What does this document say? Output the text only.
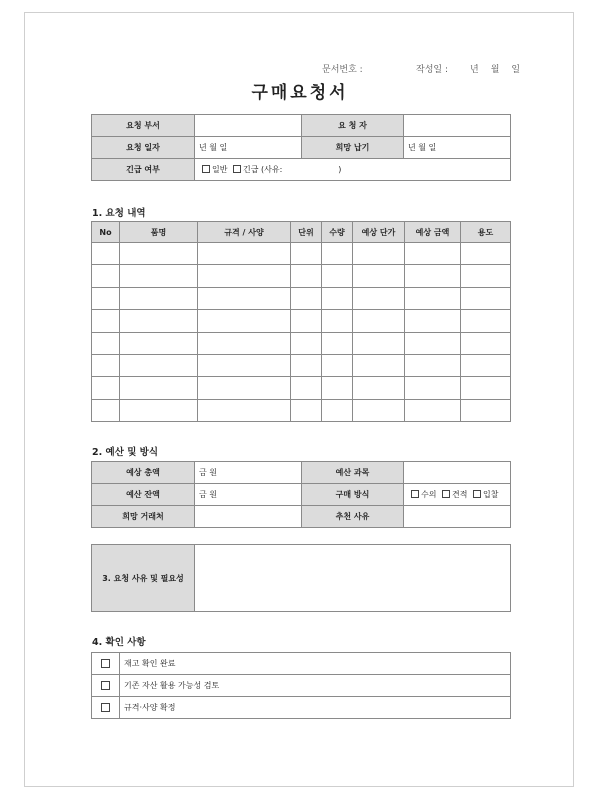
문서번호 :	작성일 : 년 월 일
구매요청서
요청 부서		요 청 자	
요청 일자	년 월 일	희망 납기	년 월 일
긴급 여부	일반 긴급 (사유: )		
1. 요청 내역
No	품명	규격 / 사양	단위	수량	예상 단가	예상 금액	용도

2. 예산 및 방식
예상 총액	금 원	예산 과목	
예산 잔액	금 원	구매 방식	수의 견적 입찰
희망 거래처		추천 사유	
3. 요청 사유 및 필요성	
4. 확인 사항
	재고 확인 완료
	기존 자산 활용 가능성 검토
	규격·사양 확정
